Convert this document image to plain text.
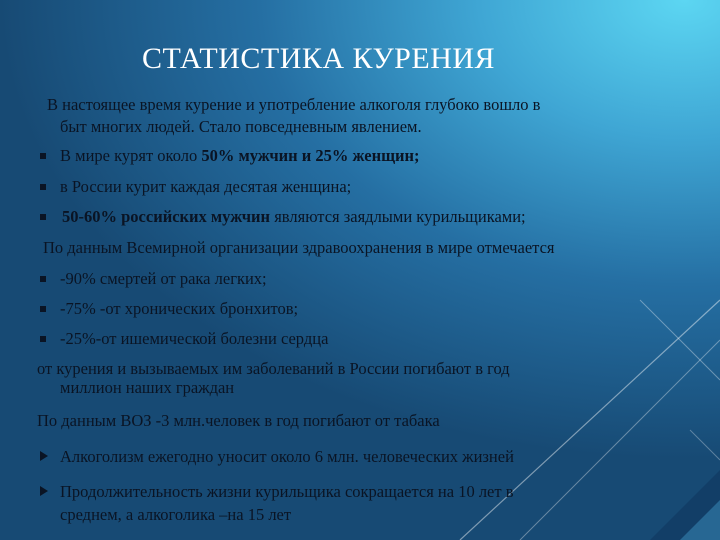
СТАТИСТИКА КУРЕНИЯ

В настоящее время курение и употребление алкоголя глубоко вошло в

быт многих людей. Стало повседневным явлением.

В мире курят около 50% мужчин и 25% женщин;

в России курит каждая десятая женщина;

50-60% российских мужчин являются заядлыми курильщиками;

По данным Всемирной организации здравоохранения в мире отмечается

-90% смертей от рака легких;

-75% -от хронических бронхитов;

-25%-от ишемической болезни сердца

от курения и вызываемых им заболеваний в России погибают в год

миллион наших граждан

По данным ВОЗ -3 млн.человек в год погибают от табака

Алкоголизм ежегодно уносит около 6 млн. человеческих жизней

Продолжительность жизни курильщика сокращается на 10 лет в

среднем, а алкоголика –на 15 лет
